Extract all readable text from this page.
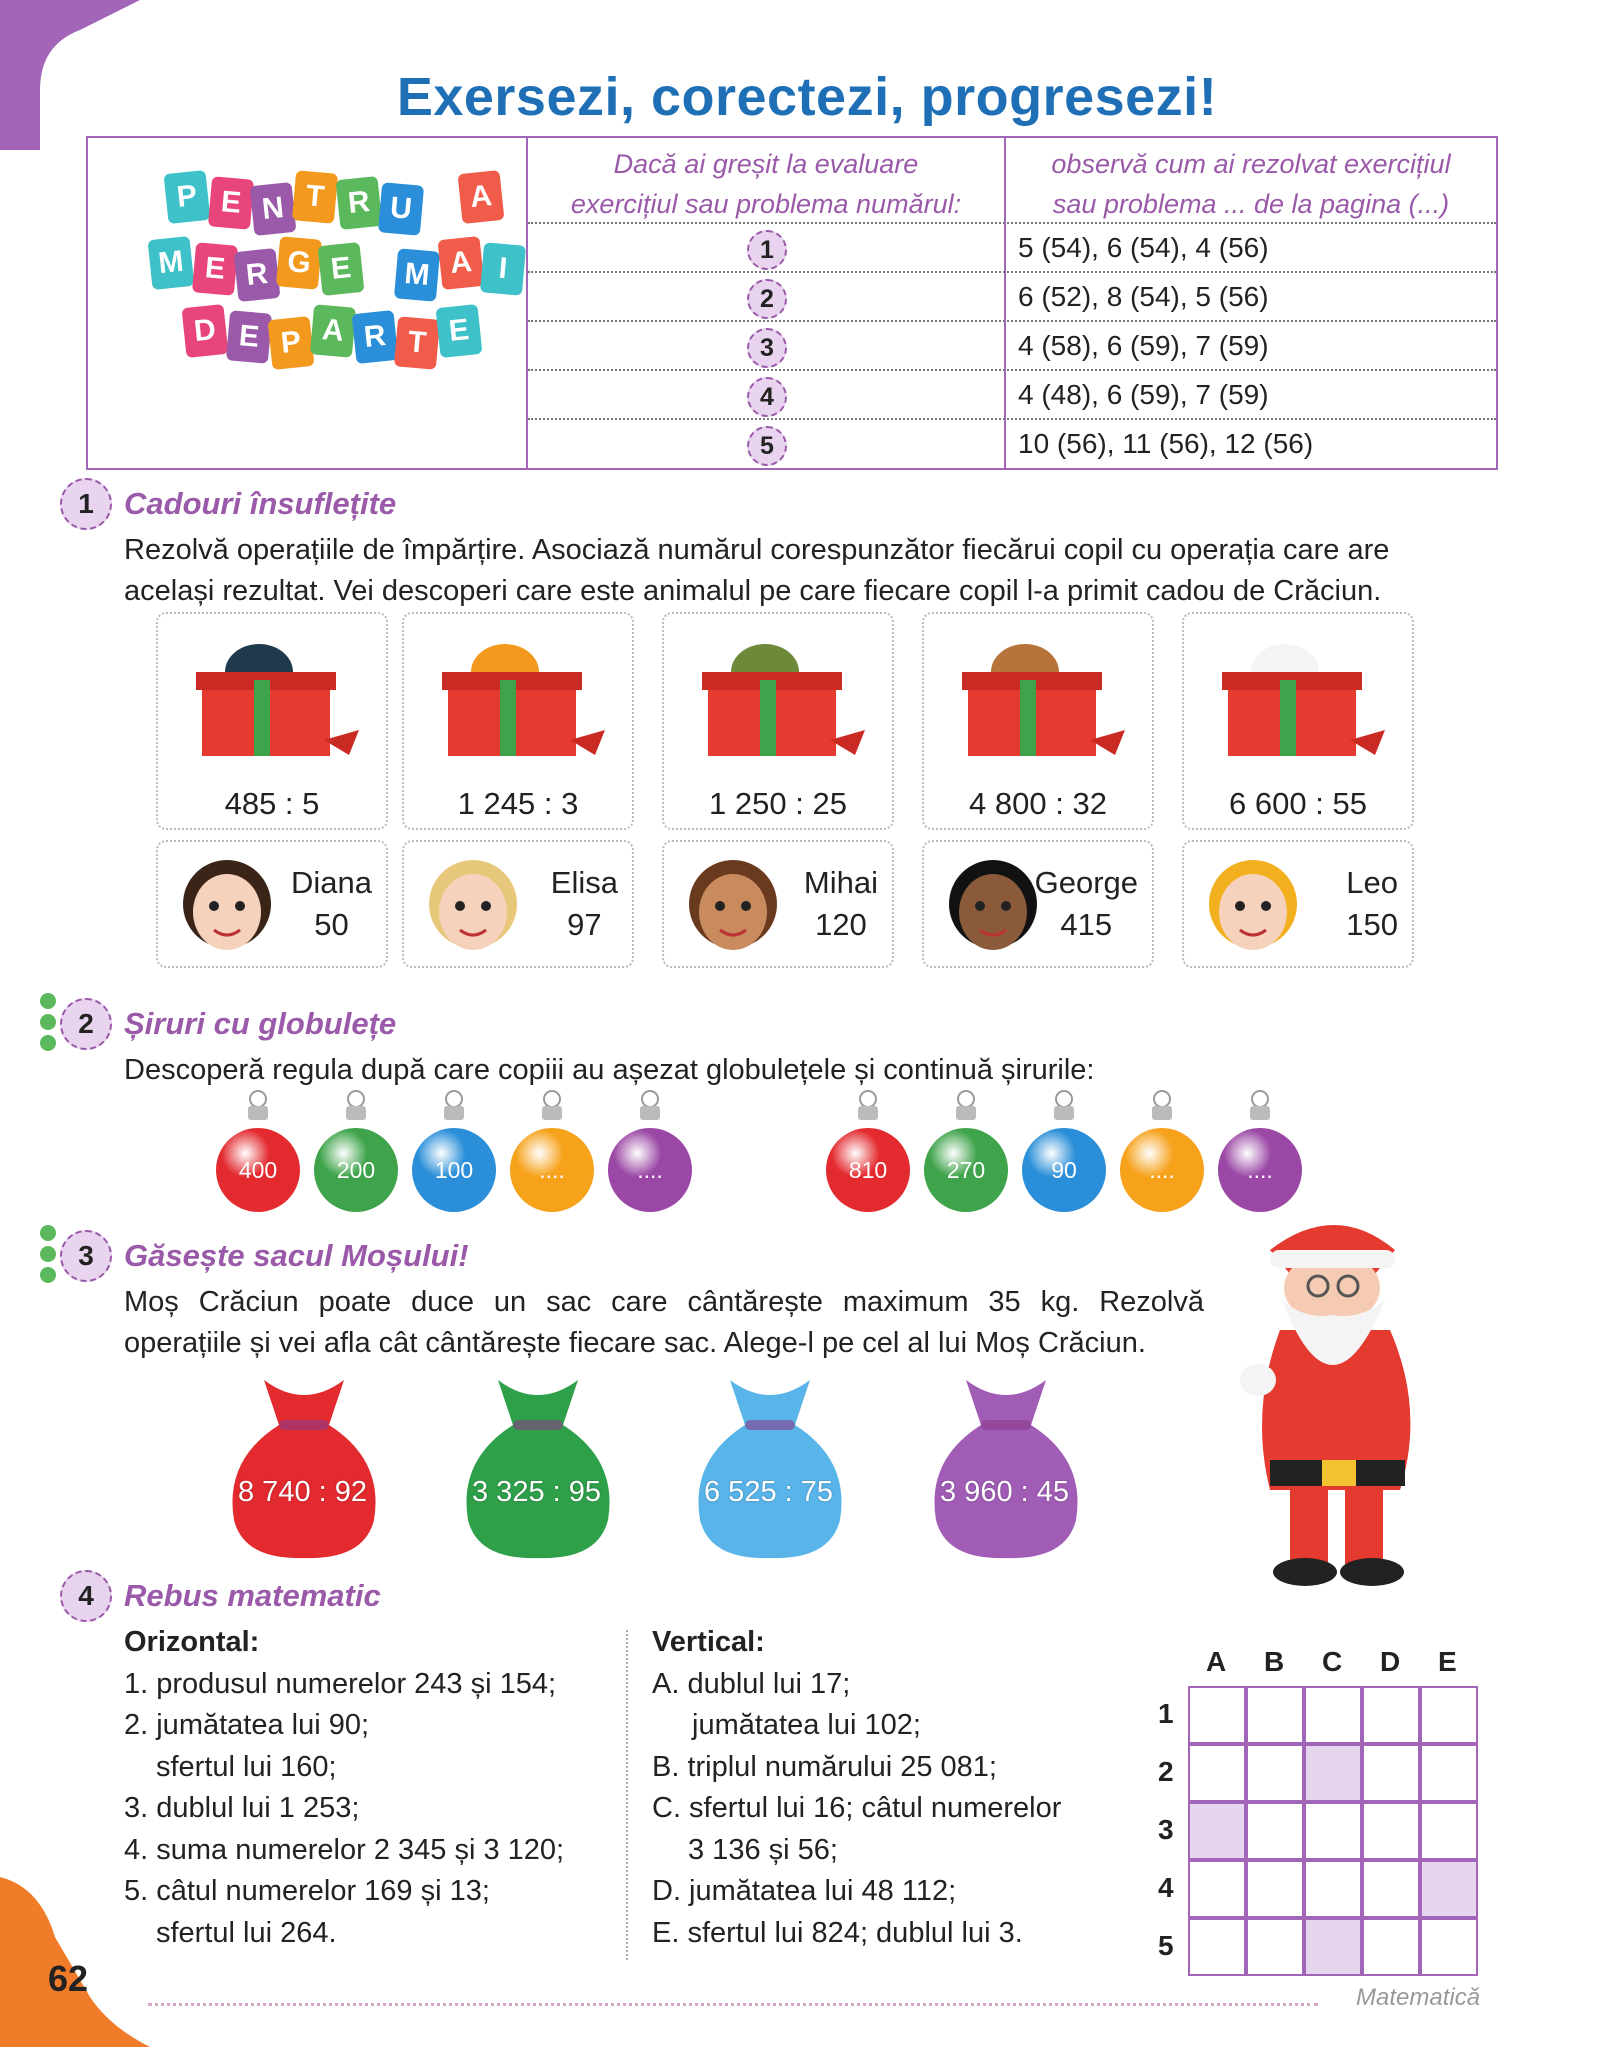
Exersezi, corectezi, progresezi!
Dacă ai greșit la evaluare
exercițiul sau problema numărul:
observă cum ai rezolvat exercițiul
sau problema ... de la pagina (...)
1	5 (54), 6 (54), 4 (56)
2	6 (52), 8 (54), 5 (56)
3	4 (58), 6 (59), 7 (59)
4	4 (48), 6 (59), 7 (59)
5	10 (56), 11 (56), 12 (56)
P E N T R U	A
M E R G E	M A I
D E P A R T E
1 Cadouri însuflețite
Rezolvă operațiile de împărțire. Asociază numărul corespunzător fiecărui copil cu operația care are
același rezultat. Vei descoperi care este animalul pe care fiecare copil l-a primit cadou de Crăciun.
485 : 5	1 245 : 3	1 250 : 25	4 800 : 32	6 600 : 55
Diana
50
Elisa
97
Mihai
120
George
415
Leo
150
2 Șiruri cu globulețe
Descoperă regula după care copiii au așezat globulețele și continuă șirurile:
400	200	100	....	....	810	270	90	....	....
3 Găsește sacul Moșului!
Moș Crăciun poate duce un sac care cântărește maximum 35 kg. Rezolvă
operațiile și vei afla cât cântărește fiecare sac. Alege-l pe cel al lui Moș Crăciun.
8 740 : 92	3 325 : 95	6 525 : 75	3 960 : 45
4 Rebus matematic
Orizontal:
1. produsul numerelor 243 și 154;
2. jumătatea lui 90;
sfertul lui 160;
3. dublul lui 1 253;
4. suma numerelor 2 345 și 3 120;
5. câtul numerelor 169 și 13;
sfertul lui 264.
Vertical:
A. dublul lui 17;
jumătatea lui 102;
B. triplul numărului 25 081;
C. sfertul lui 16; câtul numerelor
3 136 și 56;
D. jumătatea lui 48 112;
E. sfertul lui 824; dublul lui 3.
A B C D E
1
2
3
4
5
62	Matematică
